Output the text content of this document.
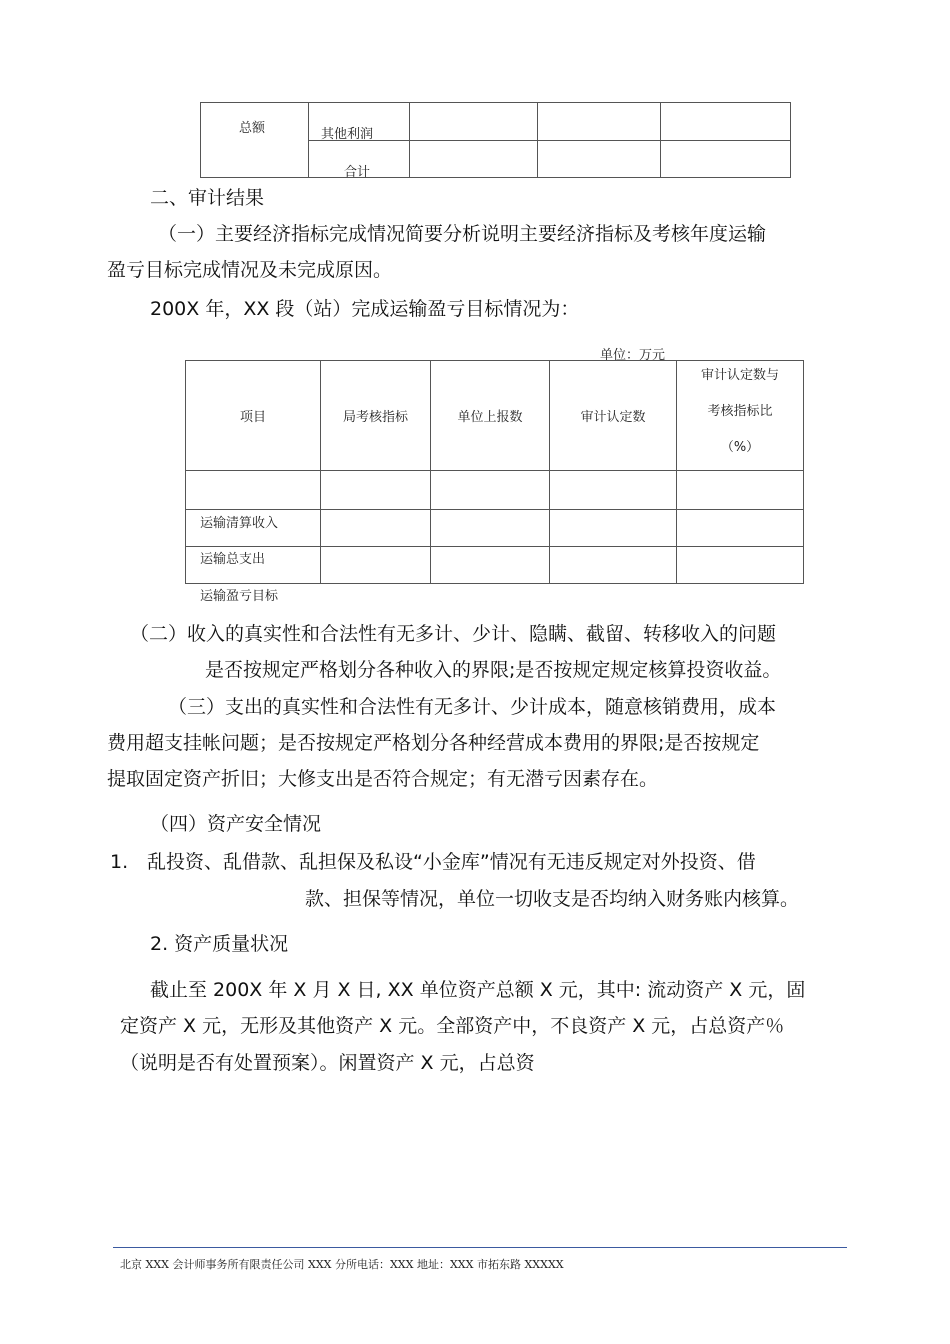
总额	其他利润			

	合计			

二、审计结果
（一）主要经济指标完成情况简要分析说明主要经济指标及考核年度运输
盈亏目标完成情况及未完成原因。
200X 年，XX 段（站）完成运输盈亏目标情况为：
单位：万元
项目	局考核指标	单位上报数	审计认定数	审计认定数与
考核指标比
（%）

运输清算收入				

运输总支出				

运输盈亏目标				

（二）收入的真实性和合法性有无多计、少计、隐瞒、截留、转移收入的问题
是否按规定严格划分各种收入的界限;是否按规定规定核算投资收益。
（三）支出的真实性和合法性有无多计、少计成本，随意核销费用，成本
费用超支挂帐问题；是否按规定严格划分各种经营成本费用的界限;是否按规定
提取固定资产折旧；大修支出是否符合规定；有无潜亏因素存在。
（四）资产安全情况
1. 乱投资、乱借款、乱担保及私设“小金库”情况有无违反规定对外投资、借
款、担保等情况，单位一切收支是否均纳入财务账内核算。
2. 资产质量状况
截止至 200X 年 X 月 X 日, XX 单位资产总额 X 元，其中: 流动资产 X 元，固
定资产 X 元，无形及其他资产 X 元。全部资产中，不良资产 X 元，占总资产％
（说明是否有处置预案）。闲置资产 X 元，占总资
北京 XXX 会计师事务所有限责任公司 XXX 分所电话：XXX 地址：XXX 市拓东路 XXXXX
